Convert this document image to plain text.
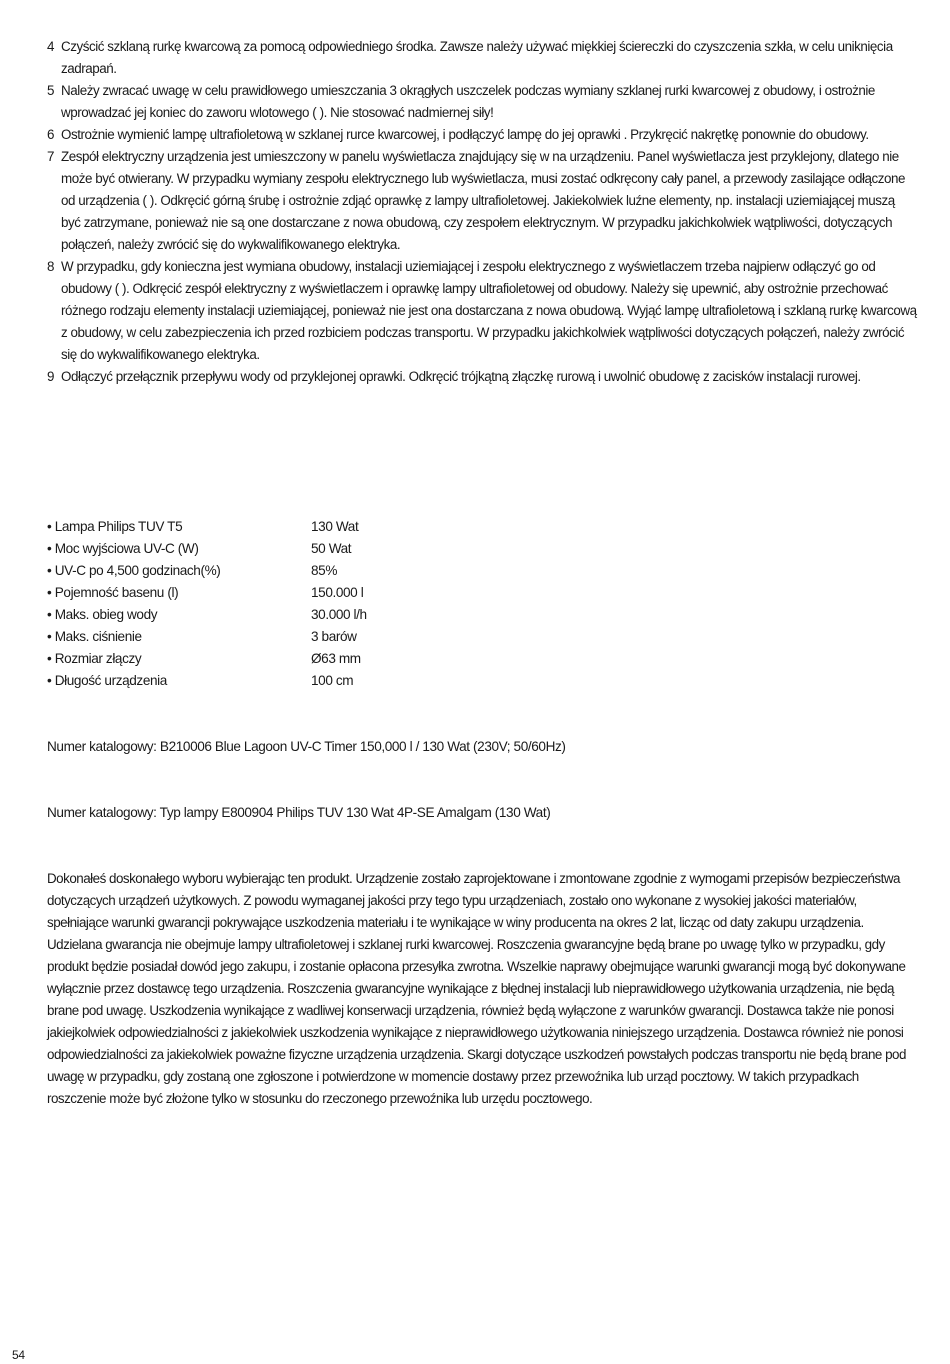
4 Czyścić szklaną rurkę kwarcową za pomocą odpowiedniego środka. Zawsze należy używać miękkiej ściereczki do czyszczenia szkła, w celu uniknięcia zadrapań.
5 Należy zwracać uwagę w celu prawidłowego umieszczania 3 okrągłych uszczelek podczas wymiany szklanej rurki kwarcowej z obudowy, i ostrożnie wprowadzać jej koniec do zaworu wlotowego ( ). Nie stosować nadmiernej siły!
6 Ostrożnie wymienić lampę ultrafioletową w szklanej rurce kwarcowej, i podłączyć lampę do jej oprawki . Przykręcić nakrętkę ponownie do obudowy.
7 Zespół elektryczny urządzenia jest umieszczony w panelu wyświetlacza znajdujący się w na urządzeniu. Panel wyświetlacza jest przyklejony, dlatego nie może być otwierany. W przypadku wymiany zespołu elektrycznego lub wyświetlacza, musi zostać odkręcony cały panel, a przewody zasilające odłączone od urządzenia ( ). Odkręcić górną śrubę i ostrożnie zdjąć oprawkę z lampy ultrafioletowej. Jakiekolwiek luźne elementy, np. instalacji uziemiającej muszą być zatrzymane, ponieważ nie są one dostarczane z nowa obudową, czy zespołem elektrycznym. W przypadku jakichkolwiek wątpliwości, dotyczących połączeń, należy zwrócić się do wykwalifikowanego elektryka.
8 W przypadku, gdy konieczna jest wymiana obudowy, instalacji uziemiającej i zespołu elektrycznego z wyświetlaczem trzeba najpierw odłączyć go od obudowy ( ). Odkręcić zespół elektryczny z wyświetlaczem i oprawkę lampy ultrafioletowej od obudowy. Należy się upewnić, aby ostrożnie przechować różnego rodzaju elementy instalacji uziemiającej, ponieważ nie jest ona dostarczana z nowa obudową. Wyjąć lampę ultrafioletową i szklaną rurkę kwarcową z obudowy, w celu zabezpieczenia ich przed rozbiciem podczas transportu. W przypadku jakichkolwiek wątpliwości dotyczących połączeń, należy zwrócić się do wykwalifikowanego elektryka.
9 Odłączyć przełącznik przepływu wody od przyklejonej oprawki. Odkręcić trójkątną złączkę rurową i uwolnić obudowę z zacisków instalacji rurowej.
• Lampa Philips TUV T5	130 Wat
• Moc wyjściowa UV-C (W)	50 Wat
• UV-C po 4,500 godzinach(%)	85%
• Pojemność basenu (l)	150.000 l
• Maks. obieg wody	30.000 l/h
• Maks. ciśnienie	3 barów
• Rozmiar złączy	Ø63 mm
• Długość urządzenia	100 cm
Numer katalogowy: B210006 Blue Lagoon UV-C Timer 150,000 l / 130 Wat (230V; 50/60Hz)
Numer katalogowy: Typ lampy E800904 Philips TUV 130 Wat 4P-SE Amalgam (130 Wat)
Dokonałeś doskonałego wyboru wybierając ten produkt. Urządzenie zostało zaprojektowane i zmontowane zgodnie z wymogami przepisów bezpieczeństwa dotyczących urządzeń użytkowych. Z powodu wymaganej jakości przy tego typu urządzeniach, zostało ono wykonane z wysokiej jakości materiałów, spełniające warunki gwarancji pokrywające uszkodzenia materiału i te wynikające w winy producenta na okres 2 lat, licząc od daty zakupu urządzenia. Udzielana gwarancja nie obejmuje lampy ultrafioletowej i szklanej rurki kwarcowej. Roszczenia gwarancyjne będą brane po uwagę tylko w przypadku, gdy produkt będzie posiadał dowód jego zakupu, i zostanie opłacona przesyłka zwrotna. Wszelkie naprawy obejmujące warunki gwarancji mogą być dokonywane wyłącznie przez dostawcę tego urządzenia. Roszczenia gwarancyjne wynikające z błędnej instalacji lub nieprawidłowego użytkowania urządzenia, nie będą brane pod uwagę. Uszkodzenia wynikające z wadliwej konserwacji urządzenia, również będą wyłączone z warunków gwarancji. Dostawca także nie ponosi jakiejkolwiek odpowiedzialności z jakiekolwiek uszkodzenia wynikające z nieprawidłowego użytkowania niniejszego urządzenia. Dostawca również nie ponosi odpowiedzialności za jakiekolwiek poważne fizyczne urządzenia urządzenia. Skargi dotyczące uszkodzeń powstałych podczas transportu nie będą brane pod uwagę w przypadku, gdy zostaną one zgłoszone i potwierdzone w momencie dostawy przez przewoźnika lub urząd pocztowy. W takich przypadkach roszczenie może być złożone tylko w stosunku do rzeczonego przewoźnika lub urzędu pocztowego.
54
